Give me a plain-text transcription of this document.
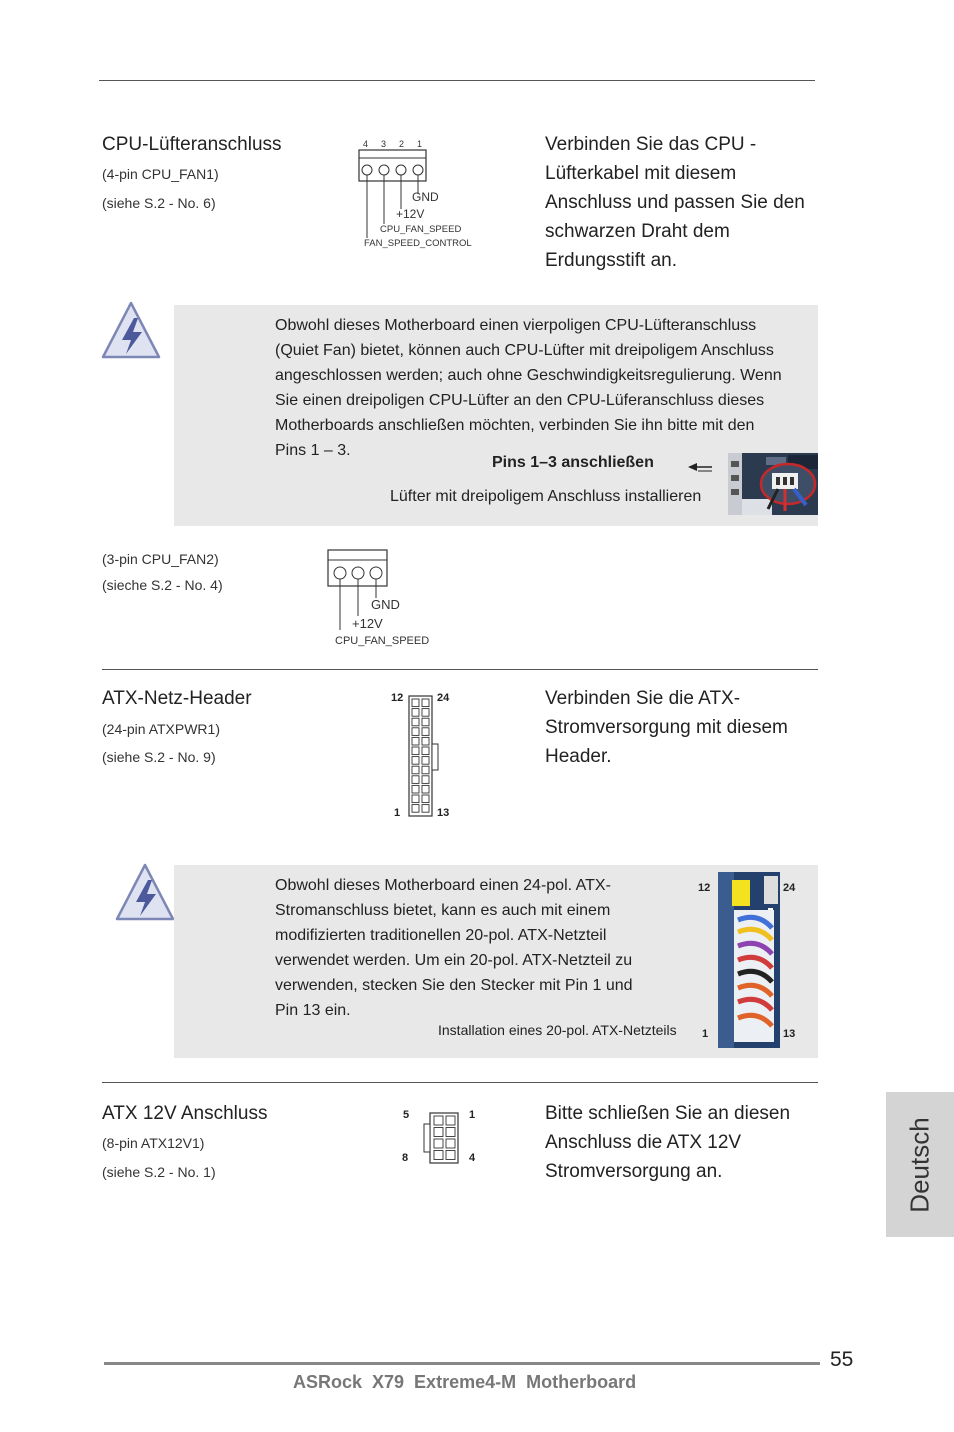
CPU-Lüfteranschluss
(4-pin CPU_FAN1)
(siehe S.2 - No. 6)
4 3 2 1
GND
+12V
CPU_FAN_SPEED
FAN_SPEED_CONTROL
Verbinden Sie das CPU -
Lüfterkabel mit diesem
Anschluss und passen Sie den
schwarzen Draht dem
Erdungsstift an.
Obwohl dieses Motherboard einen vierpoligen CPU-Lüfteranschluss
(Quiet Fan) bietet, können auch CPU-Lüfter mit dreipoligem Anschluss
angeschlossen werden; auch ohne Geschwindigkeitsregulierung. Wenn
Sie einen dreipoligen CPU-Lüfter an den CPU-Lüferanschluss dieses
Motherboards anschließen möchten, verbinden Sie ihn bitte mit den
Pins 1 – 3.
Pins 1–3 anschließen
Lüfter mit dreipoligem Anschluss installieren
(3-pin CPU_FAN2)
(sieche S.2 - No. 4)
GND
+12V
CPU_FAN_SPEED
ATX-Netz-Header
(24-pin ATXPWR1)
(siehe S.2 - No. 9)
12	24
1	13
Verbinden Sie die ATX-
Stromversorgung mit diesem
Header.
Obwohl dieses Motherboard einen 24-pol. ATX-
Stromanschluss bietet, kann es auch mit einem
modifizierten traditionellen 20-pol. ATX-Netzteil
verwendet werden. Um ein 20-pol. ATX-Netzteil zu
verwenden, stecken Sie den Stecker mit Pin 1 und
Pin 13 ein.
Installation eines 20-pol. ATX-Netzteils
12	24
1	13
ATX 12V Anschluss
(8-pin ATX12V1)
(siehe S.2 - No. 1)
5	1
8	4
Bitte schließen Sie an diesen
Anschluss die ATX 12V
Stromversorgung an.	Deutsch
55
ASRock  X79  Extreme4-M  Motherboard
